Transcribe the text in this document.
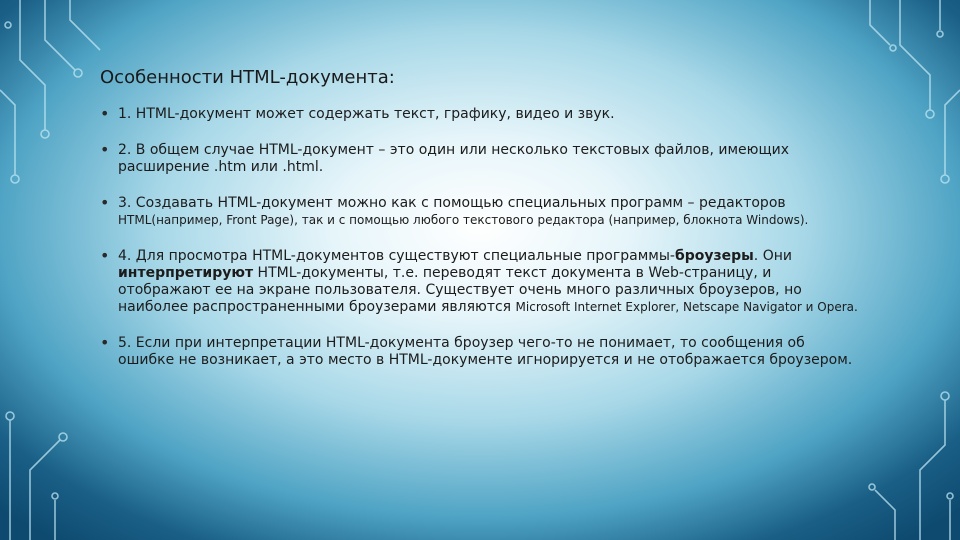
Особенности HTML-документа:
• 1. HTML-документ может содержать текст, графику, видео и звук.
• 2. В общем случае HTML-документ – это один или несколько текстовых файлов, имеющих расширение .htm или .html.
• 3. Создавать HTML-документ можно как с помощью специальных программ – редакторов HTML(например, Front Page), так и с помощью любого текстового редактора (например, блокнота Windows).
• 4. Для просмотра HTML-документов существуют специальные программы-броузеры. Они интерпретируют HTML-документы, т.е. переводят текст документа в Web-страницу, и отображают ее на экране пользователя. Существует очень много различных броузеров, но наиболее распространенными броузерами являются Microsoft Internet Explorer, Netscape Navigator и Opera.
• 5. Если при интерпретации HTML-документа броузер чего-то не понимает, то сообщения об ошибке не возникает, а это место в HTML-документе игнорируется и не отображается броузером.
